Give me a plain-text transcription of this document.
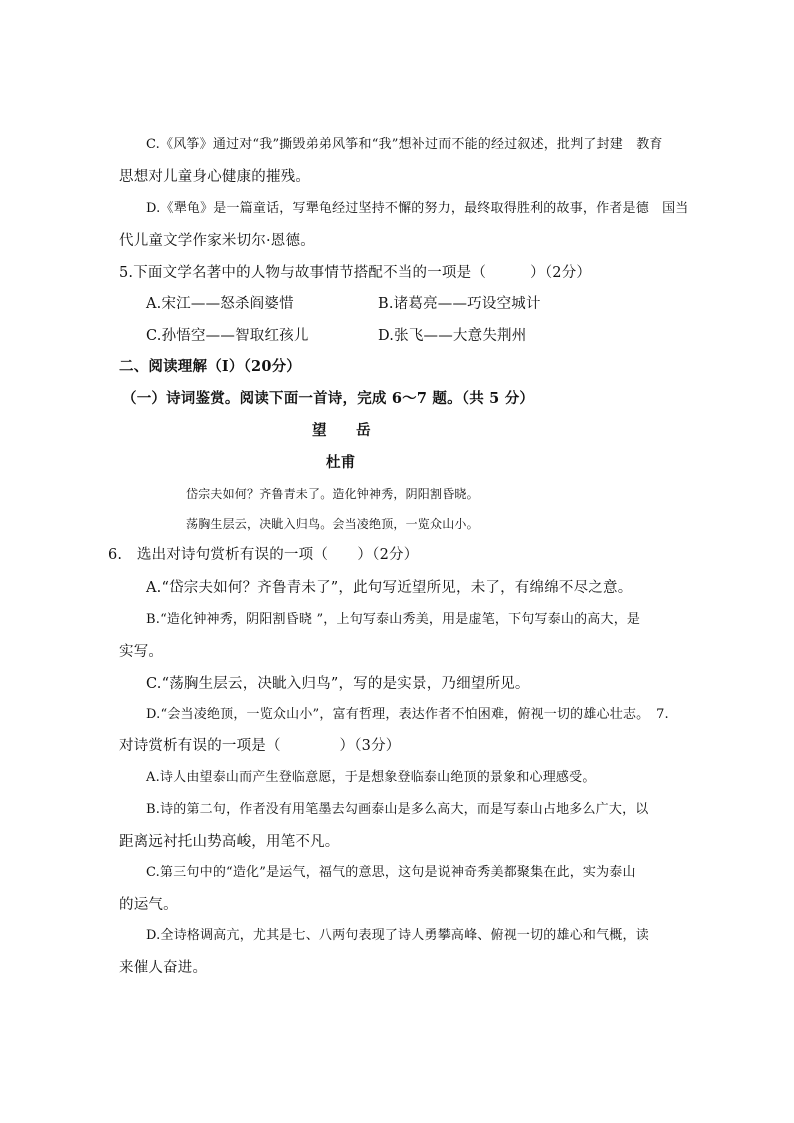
C.《风筝》通过对“我”撕毁弟弟风筝和“我”想补过而不能的经过叙述，批判了封建　教育
思想对儿童身心健康的摧残。
D.《犟龟》是一篇童话，写犟龟经过坚持不懈的努力，最终取得胜利的故事，作者是德　国当
代儿童文学作家米切尔·恩德。
5.下面文学名著中的人物与故事情节搭配不当的一项是（　　　）（2分）
A.宋江——怒杀阎婆惜	B.诸葛亮——巧设空城计
C.孙悟空——智取红孩儿	D.张飞——大意失荆州
二、阅读理解（Ⅰ）（20分）
（一）诗词鉴赏。阅读下面一首诗，完成 6～7 题。（共 5 分）
望　　岳
杜甫
岱宗夫如何？齐鲁青未了。造化钟神秀，阴阳割昏晓。
荡胸生层云，决眦入归鸟。会当凌绝顶，一览众山小。
6.　选出对诗句赏析有误的一项（　　）（2分）
A.“岱宗夫如何？齐鲁青未了”，此句写近望所见，未了，有绵绵不尽之意。
B.“造化钟神秀，阴阳割昏晓 ”，上句写泰山秀美，用是虚笔，下句写泰山的高大，是
实写。
C.“荡胸生层云，决眦入归鸟”，写的是实景，乃细望所见。
D.“会当凌绝顶，一览众山小”，富有哲理，表达作者不怕困难，俯视一切的雄心壮志。　7.
对诗赏析有误的一项是（　　　　）（3分）
A.诗人由望泰山而产生登临意愿，于是想象登临泰山绝顶的景象和心理感受。
B.诗的第二句，作者没有用笔墨去勾画泰山是多么高大，而是写泰山占地多么广大，以
距离远衬托山势高峻，用笔不凡。
C.第三句中的“造化”是运气，福气的意思，这句是说神奇秀美都聚集在此，实为泰山
的运气。
D.全诗格调高亢，尤其是七、八两句表现了诗人勇攀高峰、俯视一切的雄心和气概，读
来催人奋进。
